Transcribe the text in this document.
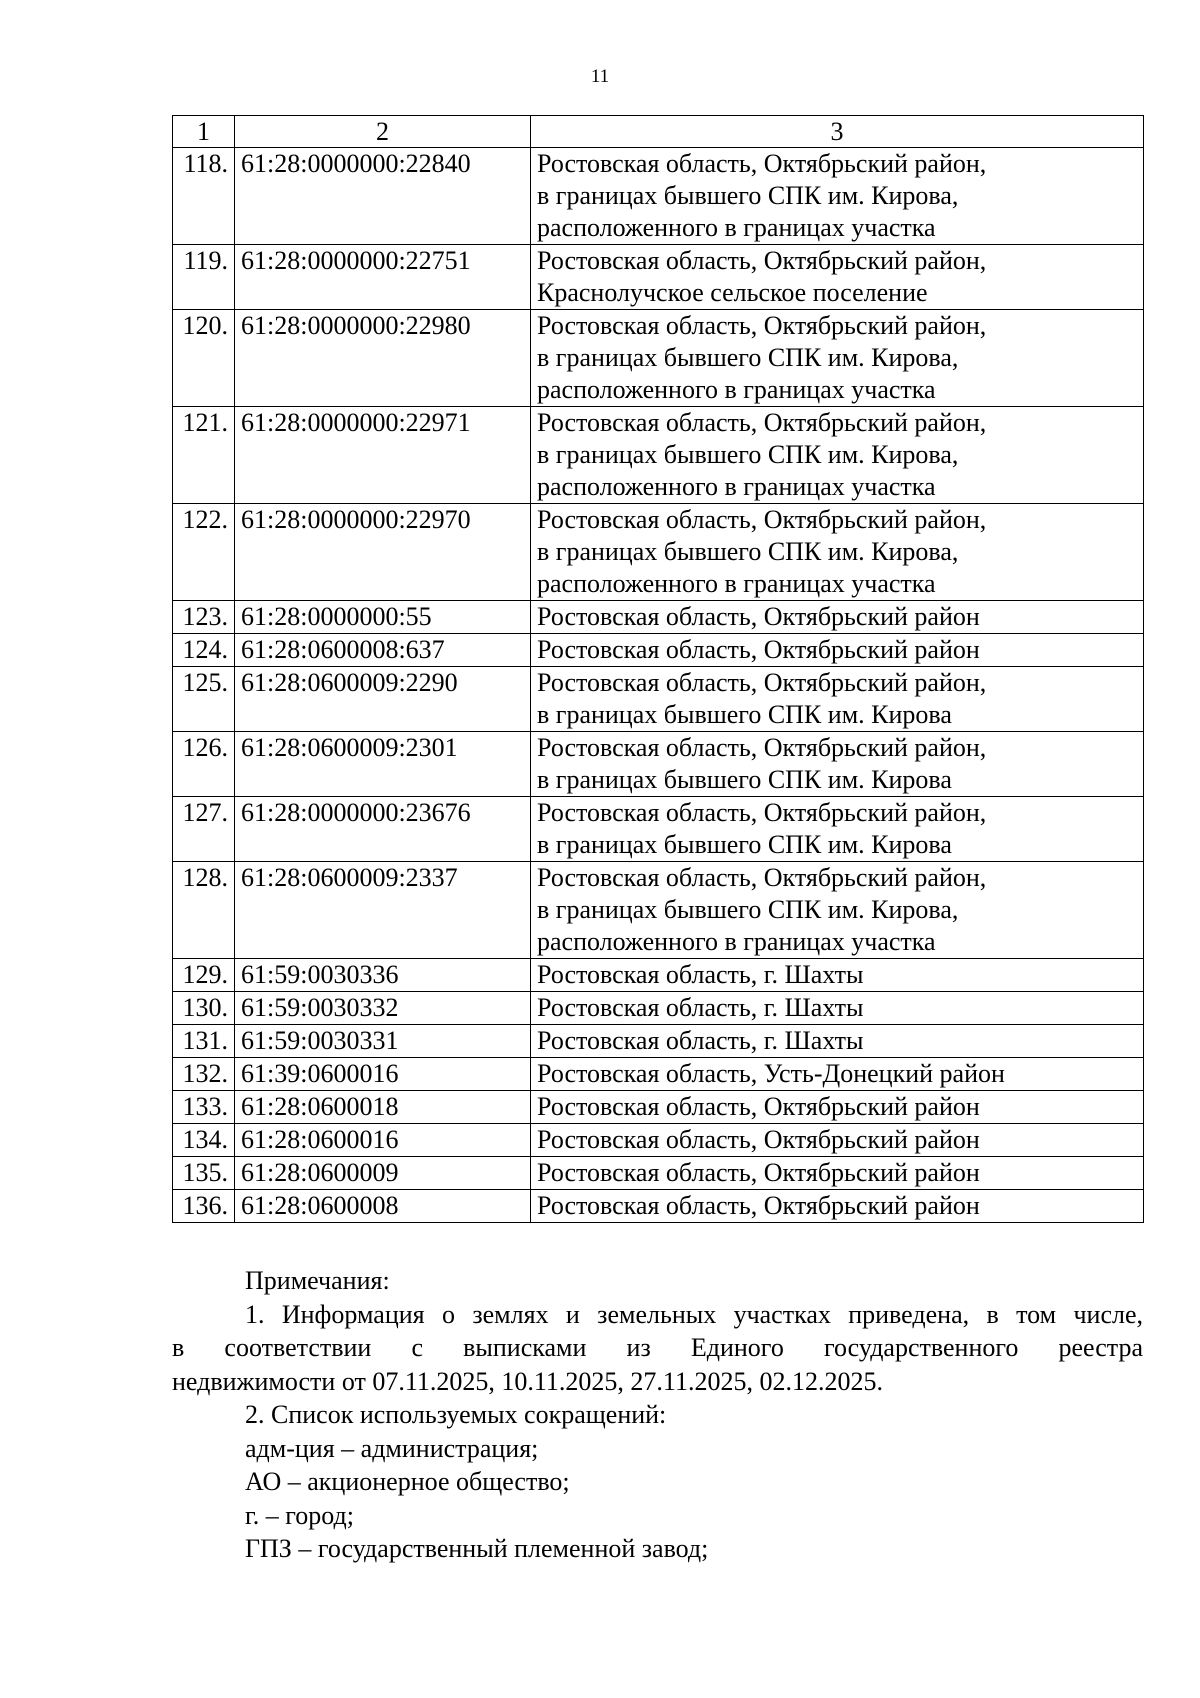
11
1	2	3
118.	61:28:0000000:22840	Ростовская область, Октябрьский район,
в границах бывшего СПК им. Кирова,
расположенного в границах участка

119.	61:28:0000000:22751	Ростовская область, Октябрьский район,
Краснолучское сельское поселение

120.	61:28:0000000:22980	Ростовская область, Октябрьский район,
в границах бывшего СПК им. Кирова,
расположенного в границах участка

121.	61:28:0000000:22971	Ростовская область, Октябрьский район,
в границах бывшего СПК им. Кирова,
расположенного в границах участка

122.	61:28:0000000:22970	Ростовская область, Октябрьский район,
в границах бывшего СПК им. Кирова,
расположенного в границах участка

123.	61:28:0000000:55	Ростовская область, Октябрьский район

124.	61:28:0600008:637	Ростовская область, Октябрьский район

125.	61:28:0600009:2290	Ростовская область, Октябрьский район,
в границах бывшего СПК им. Кирова

126.	61:28:0600009:2301	Ростовская область, Октябрьский район,
в границах бывшего СПК им. Кирова

127.	61:28:0000000:23676	Ростовская область, Октябрьский район,
в границах бывшего СПК им. Кирова

128.	61:28:0600009:2337	Ростовская область, Октябрьский район,
в границах бывшего СПК им. Кирова,
расположенного в границах участка

129.	61:59:0030336	Ростовская область, г. Шахты

130.	61:59:0030332	Ростовская область, г. Шахты

131.	61:59:0030331	Ростовская область, г. Шахты

132.	61:39:0600016	Ростовская область, Усть-Донецкий район

133.	61:28:0600018	Ростовская область, Октябрьский район

134.	61:28:0600016	Ростовская область, Октябрьский район

135.	61:28:0600009	Ростовская область, Октябрьский район

136.	61:28:0600008	Ростовская область, Октябрьский район

Примечания:

1. Информация о землях и земельных участках приведена, в том числе,

в соответствии с выписками из Единого государственного реестра

недвижимости от 07.11.2025, 10.11.2025, 27.11.2025, 02.12.2025.

2. Список используемых сокращений:

адм-ция – администрация;

АО – акционерное общество;

г. – город;

ГПЗ – государственный племенной завод;
